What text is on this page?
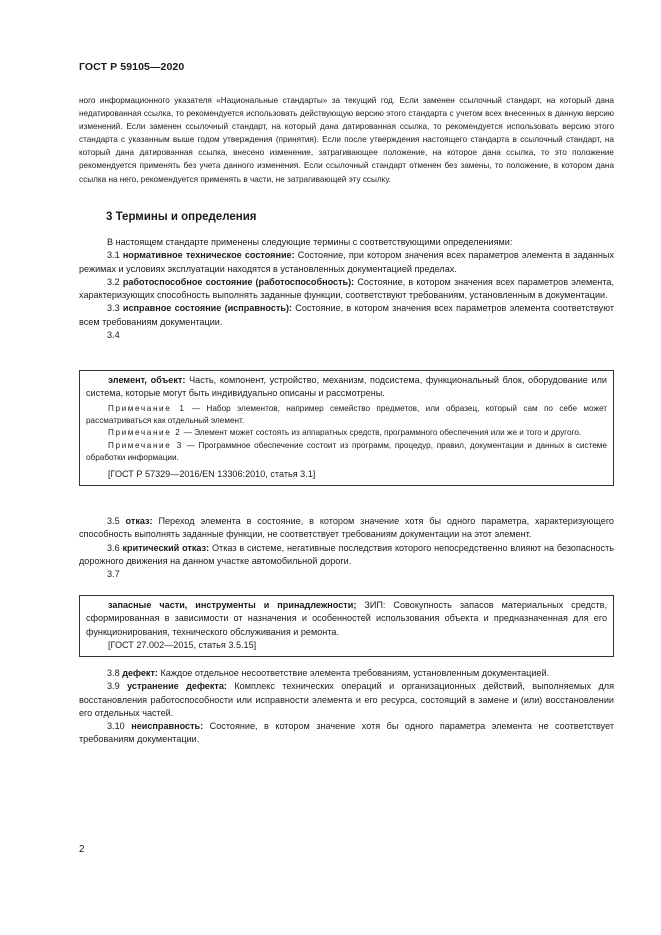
ГОСТ Р 59105—2020
ного информационного указателя «Национальные стандарты» за текущий год. Если заменен ссылочный стандарт, на который дана недатированная ссылка, то рекомендуется использовать действующую версию этого стандарта с учетом всех внесенных в данную версию изменений. Если заменен ссылочный стандарт, на который дана датированная ссылка, то рекомендуется использовать версию этого стандарта с указанным выше годом утверждения (принятия). Если после утверждения настоящего стандарта в ссылочный стандарт, на который дана датированная ссылка, внесено изменение, затрагивающее положение, на которое дана ссылка, то это положение рекомендуется применять без учета данного изменения. Если ссылочный стандарт отменен без замены, то положение, в котором дана ссылка на него, рекомендуется применять в части, не затрагивающей эту ссылку.
3 Термины и определения

В настоящем стандарте применены следующие термины с соответствующими определениями:

3.1 нормативное техническое состояние: Состояние, при котором значения всех параметров элемента в заданных режимах и условиях эксплуатации находятся в установленных документацией пределах.

3.2 работоспособное состояние (работоспособность): Состояние, в котором значения всех параметров элемента, характеризующих способность выполнять заданные функции, соответствуют требованиям, установленным в документации.

3.3 исправное состояние (исправность): Состояние, в котором значения всех параметров элемента соответствуют всем требованиям документации.

3.4

элемент, объект: Часть, компонент, устройство, механизм, подсистема, функциональный блок, оборудование или система, которые могут быть индивидуально описаны и рассмотрены.

Примечание 1 — Набор элементов, например семейство предметов, или образец, который сам по себе может рассматриваться как отдельный элемент.

Примечание 2 — Элемент может состоять из аппаратных средств, программного обеспечения или же и того и другого.

Примечание 3 — Программное обеспечение состоит из программ, процедур, правил, документации и данных в системе обработки информации.

[ГОСТ Р 57329—2016/EN 13306:2010, статья 3.1]

3.5 отказ: Переход элемента в состояние, в котором значение хотя бы одного параметра, характеризующего способность выполнять заданные функции, не соответствует требованиям документации на этот элемент.

3.6 критический отказ: Отказ в системе, негативные последствия которого непосредственно влияют на безопасность дорожного движения на данном участке автомобильной дороги.

3.7

запасные части, инструменты и принадлежности; ЗИП: Совокупность запасов материальных средств, сформированная в зависимости от назначения и особенностей использования объекта и предназначенная для его функционирования, технического обслуживания и ремонта.

[ГОСТ 27.002—2015, статья 3.5.15]

3.8 дефект: Каждое отдельное несоответствие элемента требованиям, установленным документацией.

3.9 устранение дефекта: Комплекс технических операций и организационных действий, выполняемых для восстановления работоспособности или исправности элемента и его ресурса, состоящий в замене и (или) восстановлении его отдельных частей.

3.10 неисправность: Состояние, в котором значение хотя бы одного параметра элемента не соответствует требованиям документации.

2
